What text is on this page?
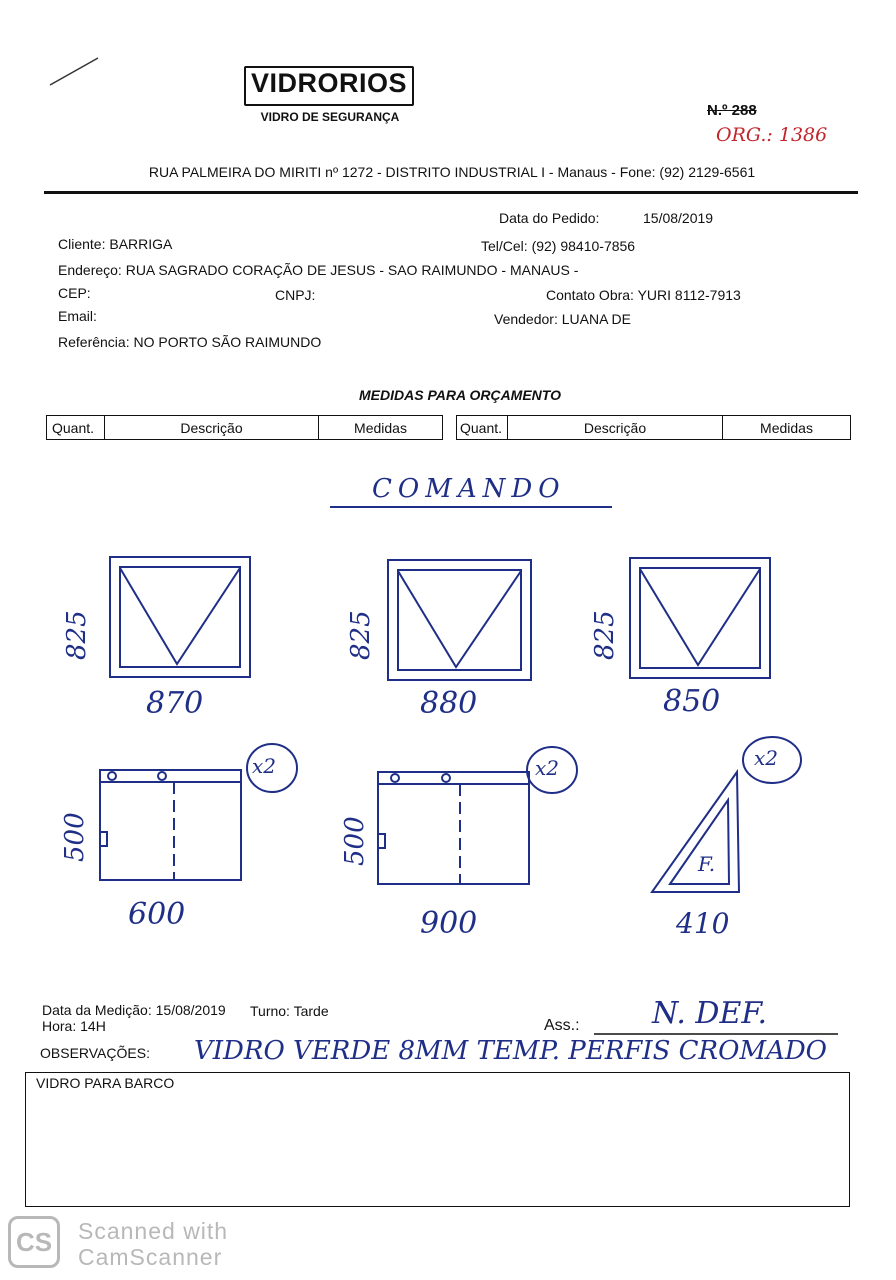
VIDRORIOS
VIDRO DE SEGURANÇA	N.º 288
ORG.: 1386
RUA PALMEIRA DO MIRITI nº 1272 - DISTRITO INDUSTRIAL I - Manaus - Fone: (92) 2129-6561
Data do Pedido:	15/08/2019
Cliente: BARRIGA	Tel/Cel: (92) 98410-7856
Endereço: RUA SAGRADO CORAÇÃO DE JESUS - SAO RAIMUNDO - MANAUS -
CEP:	CNPJ:	Contato Obra: YURI 8112-7913
Email:	Vendedor: LUANA DE
Referência: NO PORTO SÃO RAIMUNDO
MEDIDAS PARA ORÇAMENTO
Quant.	Descrição	Medidas	Quant.	Descrição	Medidas
COMANDO
825
870
825
880
825
850
500
x2
600
500
x2
900
x2
F.
410
Data da Medição: 15/08/2019 Turno: Tarde
Hora: 14H	Ass.: N. DEF.
OBSERVAÇÕES: VIDRO VERDE 8MM TEMP. PERFIS CROMADO
VIDRO PARA BARCO
CS	Scanned with
CamScanner
